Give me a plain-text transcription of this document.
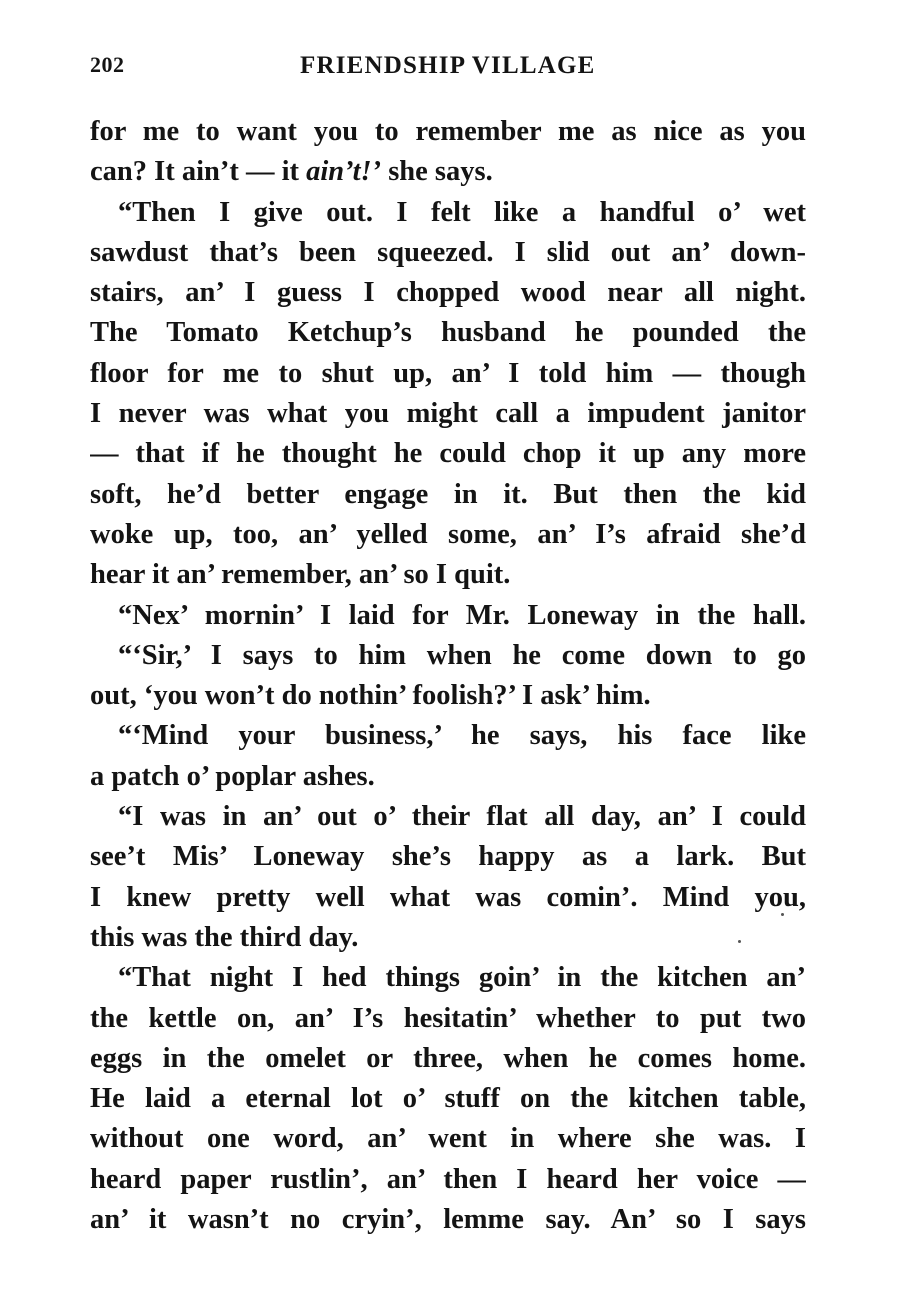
202	FRIENDSHIP VILLAGE
for me to want you to remember me as nice as you
can? It ain’t — it ain’t!’ she says.
“Then I give out. I felt like a handful o’ wet
sawdust that’s been squeezed. I slid out an’ down-
stairs, an’ I guess I chopped wood near all night.
The Tomato Ketchup’s husband he pounded the
floor for me to shut up, an’ I told him — though
I never was what you might call a impudent janitor
— that if he thought he could chop it up any more
soft, he’d better engage in it. But then the kid
woke up, too, an’ yelled some, an’ I’s afraid she’d
hear it an’ remember, an’ so I quit.
“Nex’ mornin’ I laid for Mr. Loneway in the hall.
“‘Sir,’ I says to him when he come down to go
out, ‘you won’t do nothin’ foolish?’ I ask’ him.
“‘Mind your business,’ he says, his face like
a patch o’ poplar ashes.
“I was in an’ out o’ their flat all day, an’ I could
see’t Mis’ Loneway she’s happy as a lark. But
I knew pretty well what was comin’. Mind you,
this was the third day.
“That night I hed things goin’ in the kitchen an’
the kettle on, an’ I’s hesitatin’ whether to put two
eggs in the omelet or three, when he comes home.
He laid a eternal lot o’ stuff on the kitchen table,
without one word, an’ went in where she was. I
heard paper rustlin’, an’ then I heard her voice —
an’ it wasn’t no cryin’, lemme say. An’ so I says
